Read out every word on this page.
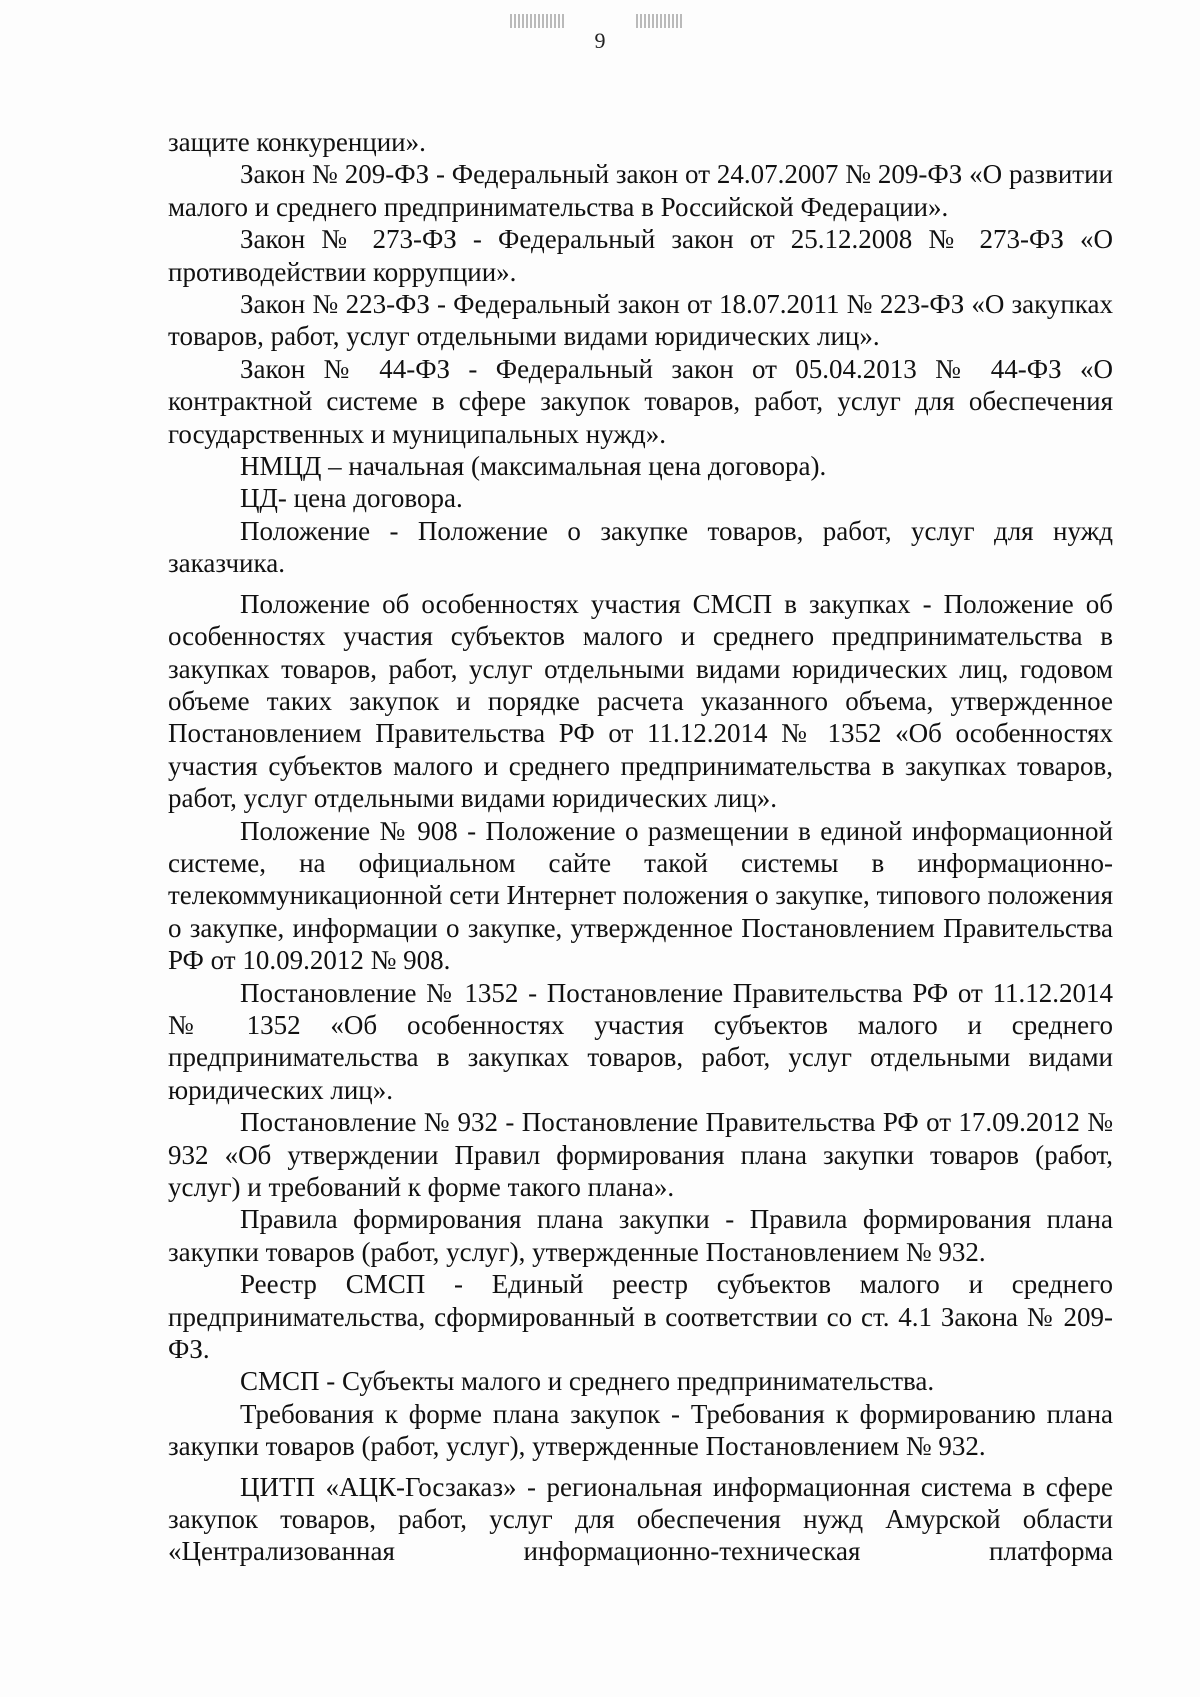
9

защите конкуренции».

Закон № 209-ФЗ - Федеральный закон от 24.07.2007 № 209-ФЗ «О развитии малого и среднего предпринимательства в Российской Федерации».

Закон № 273-ФЗ - Федеральный закон от 25.12.2008 № 273-ФЗ «О противодействии коррупции».

Закон № 223-ФЗ - Федеральный закон от 18.07.2011 № 223-ФЗ «О закупках товаров, работ, услуг отдельными видами юридических лиц».

Закон № 44-ФЗ - Федеральный закон от 05.04.2013 № 44-ФЗ «О контрактной системе в сфере закупок товаров, работ, услуг для обеспечения государственных и муниципальных нужд».

НМЦД – начальная (максимальная цена договора).

ЦД- цена договора.

Положение - Положение о закупке товаров, работ, услуг для нужд заказчика.

Положение об особенностях участия СМСП в закупках - Положение об особенностях участия субъектов малого и среднего предпринимательства в закупках товаров, работ, услуг отдельными видами юридических лиц, годовом объеме таких закупок и порядке расчета указанного объема, утвержденное Постановлением Правительства РФ от 11.12.2014 № 1352 «Об особенностях участия субъектов малого и среднего предпринимательства в закупках товаров, работ, услуг отдельными видами юридических лиц».

Положение № 908 - Положение о размещении в единой информационной системе, на официальном сайте такой системы в информационно-телекоммуникационной сети Интернет положения о закупке, типового положения о закупке, информации о закупке, утвержденное Постановлением Правительства РФ от 10.09.2012 № 908.

Постановление № 1352 - Постановление Правительства РФ от 11.12.2014 № 1352 «Об особенностях участия субъектов малого и среднего предпринимательства в закупках товаров, работ, услуг отдельными видами юридических лиц».

Постановление № 932 - Постановление Правительства РФ от 17.09.2012 № 932 «Об утверждении Правил формирования плана закупки товаров (работ, услуг) и требований к форме такого плана».

Правила формирования плана закупки - Правила формирования плана закупки товаров (работ, услуг), утвержденные Постановлением № 932.

Реестр СМСП - Единый реестр субъектов малого и среднего предпринимательства, сформированный в соответствии со ст. 4.1 Закона № 209-ФЗ.

СМСП - Субъекты малого и среднего предпринимательства.

Требования к форме плана закупок - Требования к формированию плана закупки товаров (работ, услуг), утвержденные Постановлением № 932.

ЦИТП «АЦК-Госзаказ» - региональная информационная система в сфере закупок товаров, работ, услуг для обеспечения нужд Амурской области «Централизованная информационно-техническая платформа
